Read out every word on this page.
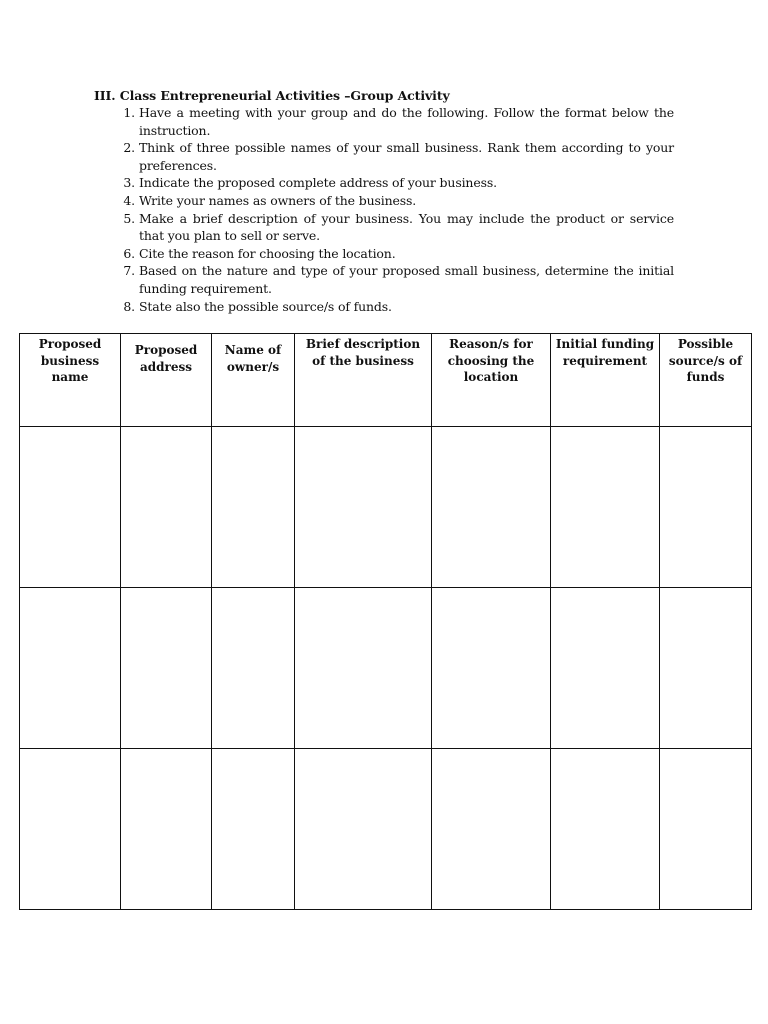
III. Class Entrepreneurial Activities –Group Activity
1. Have a meeting with your group and do the following. Follow the format below the instruction.
2. Think of three possible names of your small business. Rank them according to your preferences.
3. Indicate the proposed complete address of your business.
4. Write your names as owners of the business.
5. Make a brief description of your business. You may include the product or service that you plan to sell or serve.
6. Cite the reason for choosing the location.
7. Based on the nature and type of your proposed small business, determine the initial funding requirement.
8. State also the possible source/s of funds.
Proposed business name	Proposed address	Name of owner/s	Brief description of the business	Reason/s for choosing the location	Initial funding requirement	Possible source/s of funds
